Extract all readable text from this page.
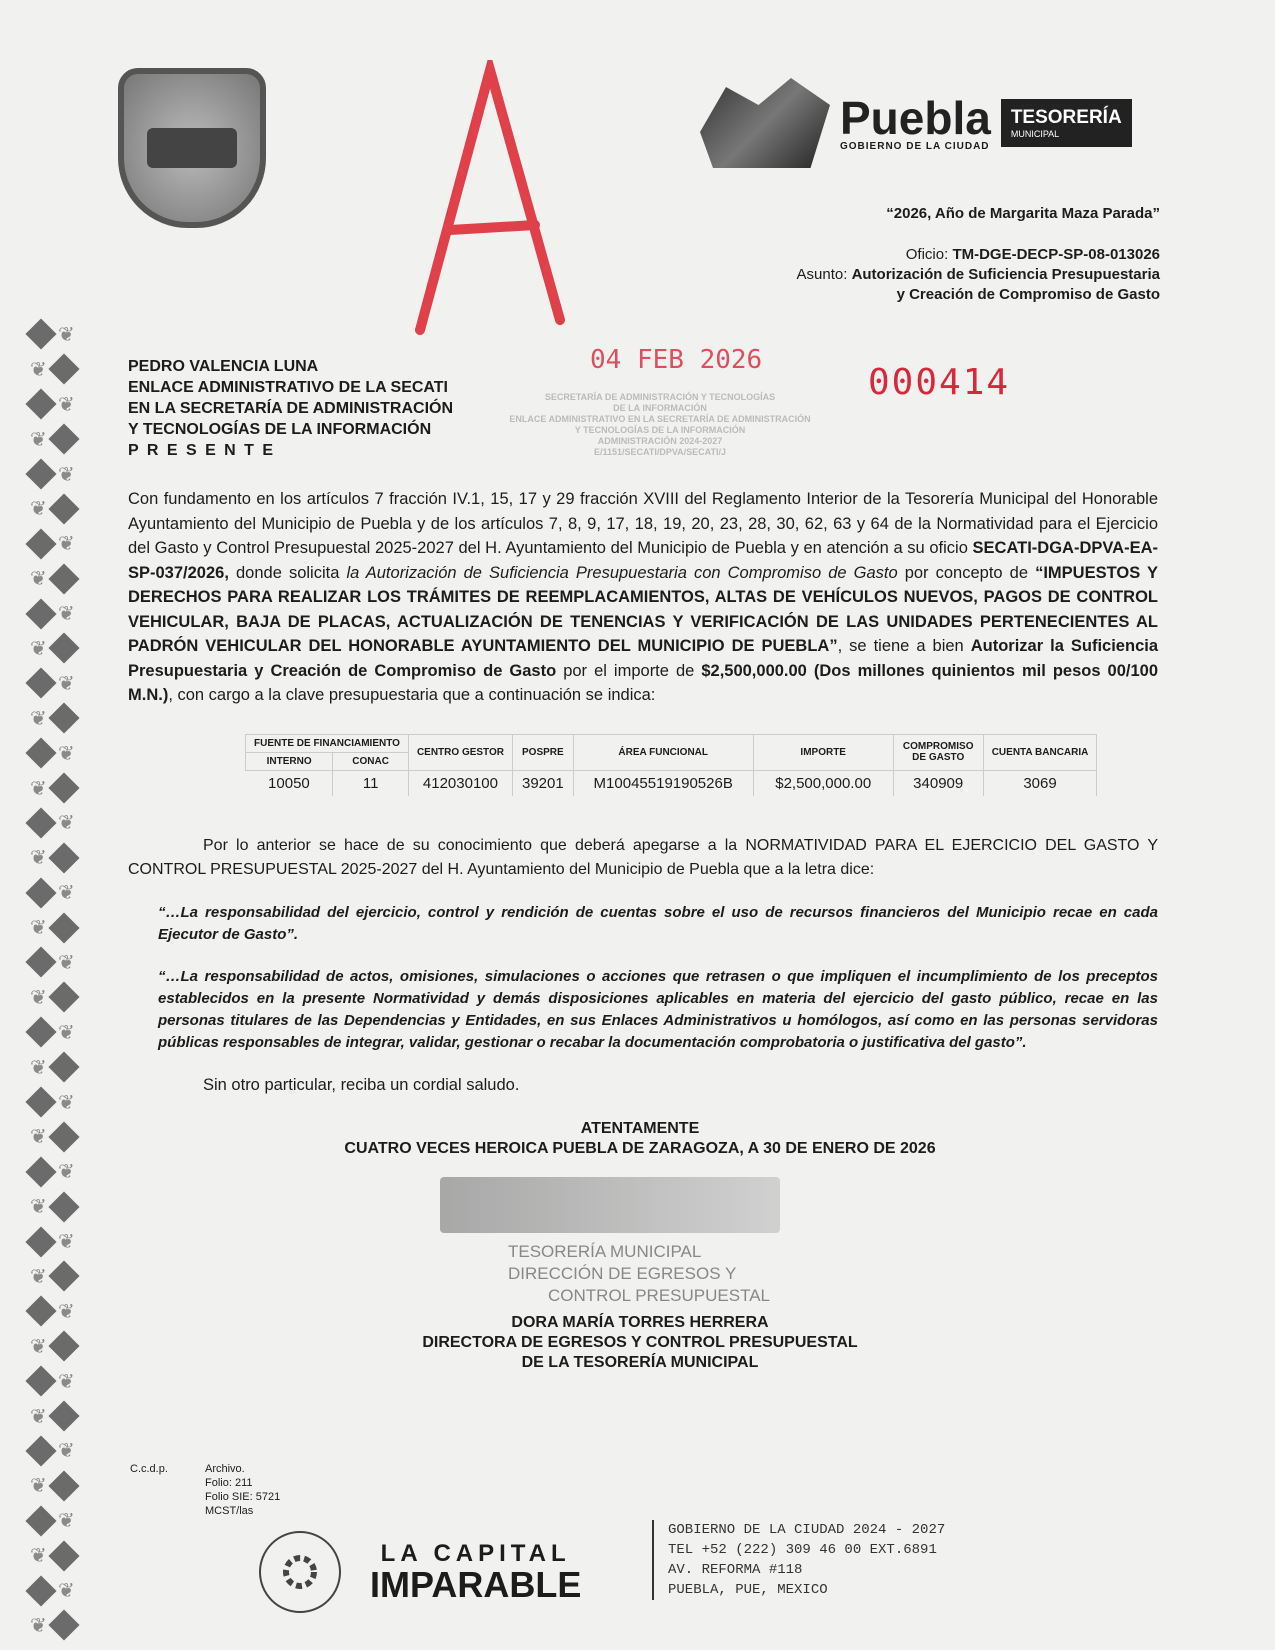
❦
❦
❦
❦
❦
❦
❦
❦
❦
❦
❦
❦
❦
❦
❦
❦
❦
❦
❦
❦
❦
❦
❦
❦
❦
❦
❦
❦
❦
❦
❦
❦
❦
❦
❦
❦
❦
❦
Puebla
GOBIERNO DE LA CIUDAD
TESORERÍA
MUNICIPAL
“2026, Año de Margarita Maza Parada”
Oficio: TM-DGE-DECP-SP-08-013026
Asunto: Autorización de Suficiencia Presupuestaria
y Creación de Compromiso de Gasto
04 FEB 2026
000414
SECRETARÍA DE ADMINISTRACIÓN Y TECNOLOGÍAS
DE LA INFORMACIÓN
ENLACE ADMINISTRATIVO EN LA SECRETARÍA DE ADMINISTRACIÓN
Y TECNOLOGÍAS DE LA INFORMACIÓN
ADMINISTRACIÓN 2024-2027
E/1151/SECATI/DPVA/SECATI/J
PEDRO VALENCIA LUNA
ENLACE ADMINISTRATIVO DE LA SECATI
EN LA SECRETARÍA DE ADMINISTRACIÓN
Y TECNOLOGÍAS DE LA INFORMACIÓN
P R E S E N T E
Con fundamento en los artículos 7 fracción IV.1, 15, 17 y 29 fracción XVIII del Reglamento Interior de la Tesorería Municipal del Honorable Ayuntamiento del Municipio de Puebla y de los artículos 7, 8, 9, 17, 18, 19, 20, 23, 28, 30, 62, 63 y 64 de la Normatividad para el Ejercicio del Gasto y Control Presupuestal 2025-2027 del H. Ayuntamiento del Municipio de Puebla y en atención a su oficio SECATI-DGA-DPVA-EA-SP-037/2026, donde solicita la Autorización de Suficiencia Presupuestaria con Compromiso de Gasto por concepto de “IMPUESTOS Y DERECHOS PARA REALIZAR LOS TRÁMITES DE REEMPLACAMIENTOS, ALTAS DE VEHÍCULOS NUEVOS, PAGOS DE CONTROL VEHICULAR, BAJA DE PLACAS, ACTUALIZACIÓN DE TENENCIAS Y VERIFICACIÓN DE LAS UNIDADES PERTENECIENTES AL PADRÓN VEHICULAR DEL HONORABLE AYUNTAMIENTO DEL MUNICIPIO DE PUEBLA”, se tiene a bien Autorizar la Suficiencia Presupuestaria y Creación de Compromiso de Gasto por el importe de $2,500,000.00 (Dos millones quinientos mil pesos 00/100 M.N.), con cargo a la clave presupuestaria que a continuación se indica:
FUENTE DE FINANCIAMIENTO		CENTRO GESTOR	POSPRE	ÁREA FUNCIONAL	IMPORTE	COMPROMISO DE GASTO	CUENTA BANCARIA
INTERNO	CONAC						
10050	11	412030100	39201	M10045519190526B	$2,500,000.00	340909	3069
Por lo anterior se hace de su conocimiento que deberá apegarse a la NORMATIVIDAD PARA EL EJERCICIO DEL GASTO Y CONTROL PRESUPUESTAL 2025-2027 del H. Ayuntamiento del Municipio de Puebla que a la letra dice:
“…La responsabilidad del ejercicio, control y rendición de cuentas sobre el uso de recursos financieros del Municipio recae en cada Ejecutor de Gasto”.
“…La responsabilidad de actos, omisiones, simulaciones o acciones que retrasen o que impliquen el incumplimiento de los preceptos establecidos en la presente Normatividad y demás disposiciones aplicables en materia del ejercicio del gasto público, recae en las personas titulares de las Dependencias y Entidades, en sus Enlaces Administrativos u homólogos, así como en las personas servidoras públicas responsables de integrar, validar, gestionar o recabar la documentación comprobatoria o justificativa del gasto”.
Sin otro particular, reciba un cordial saludo.
ATENTAMENTE
CUATRO VECES HEROICA PUEBLA DE ZARAGOZA, A 30 DE ENERO DE 2026
TESORERÍA MUNICIPAL
DIRECCIÓN DE EGRESOS Y
CONTROL PRESUPUESTAL
DORA MARÍA TORRES HERRERA
DIRECTORA DE EGRESOS Y CONTROL PRESUPUESTAL
DE LA TESORERÍA MUNICIPAL
C.c.d.p.	Archivo.
Folio: 211
Folio SIE: 5721
MCST/las
LA CAPITAL
IMPARABLE
GOBIERNO DE LA CIUDAD 2024 - 2027
TEL +52 (222) 309 46 00 EXT.6891
AV. REFORMA #118
PUEBLA, PUE, MEXICO
